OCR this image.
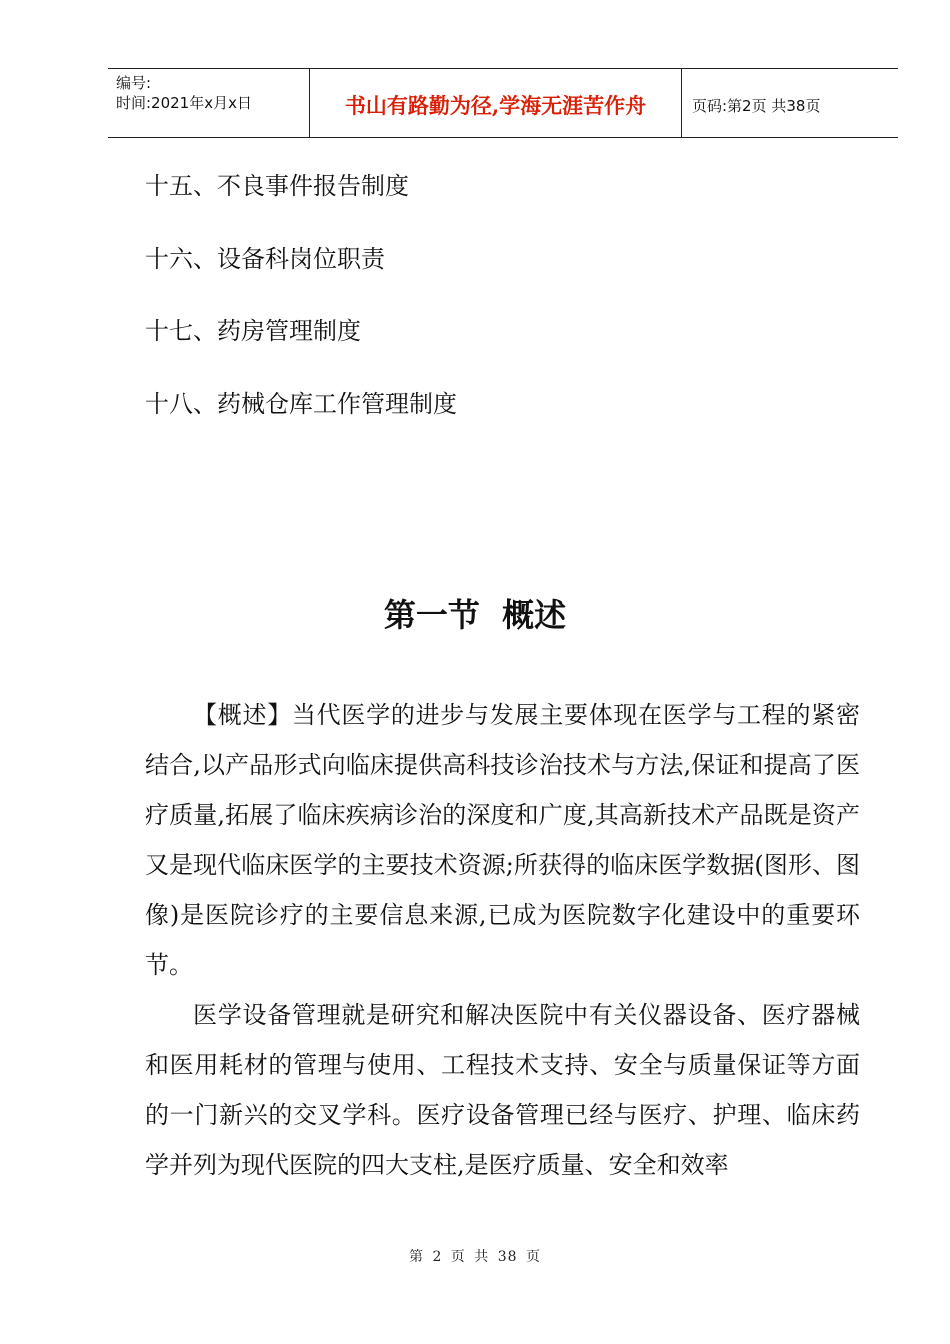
编号:
时间:2021年x月x日	书山有路勤为径,学海无涯苦作舟	页码:第2页 共38页
十五、不良事件报告制度
十六、设备科岗位职责
十七、药房管理制度
十八、药械仓库工作管理制度
第一节  概述

【概述】当代医学的进步与发展主要体现在医学与工程的紧密结合,以产品形式向临床提供高科技诊治技术与方法,保证和提高了医疗质量,拓展了临床疾病诊治的深度和广度,其高新技术产品既是资产又是现代临床医学的主要技术资源;所获得的临床医学数据(图形、图像)是医院诊疗的主要信息来源,已成为医院数字化建设中的重要环节。

医学设备管理就是研究和解决医院中有关仪器设备、医疗器械和医用耗材的管理与使用、工程技术支持、安全与质量保证等方面的一门新兴的交叉学科。医疗设备管理已经与医疗、护理、临床药学并列为现代医院的四大支柱,是医疗质量、安全和效率

第 2 页 共 38 页
